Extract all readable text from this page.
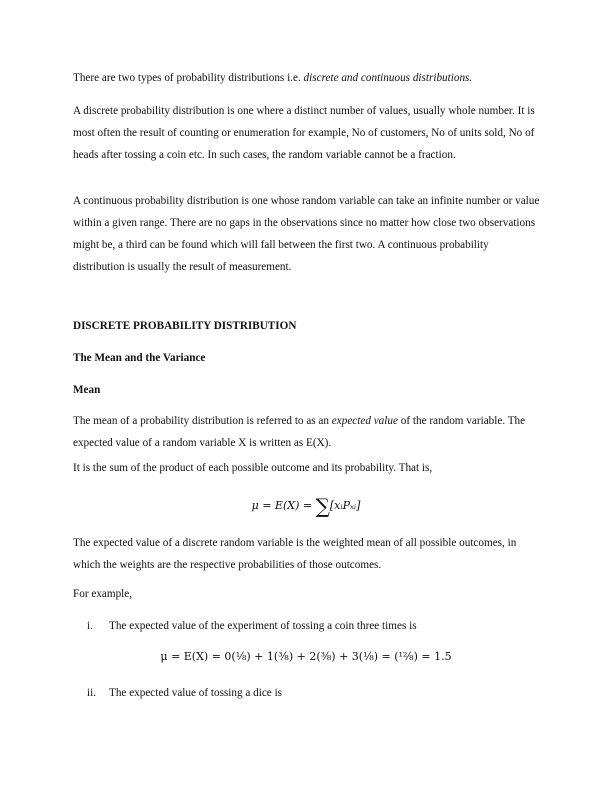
There are two types of probability distributions i.e. discrete and continuous distributions.

A discrete probability distribution is one where a distinct number of values, usually whole number. It is most often the result of counting or enumeration for example, No of customers, No of units sold, No of heads after tossing a coin etc. In such cases, the random variable cannot be a fraction.

A continuous probability distribution is one whose random variable can take an infinite number or value within a given range. There are no gaps in the observations since no matter how close two observations might be, a third can be found which will fall between the first two. A continuous probability distribution is usually the result of measurement.

DISCRETE PROBABILITY DISTRIBUTION

The Mean and the Variance

Mean

The mean of a probability distribution is referred to as an expected value of the random variable. The expected value of a random variable X is written as E(X).

It is the sum of the product of each possible outcome and its probability. That is,

μ = E(X) = ∑[xᵢPₓᵢ]

The expected value of a discrete random variable is the weighted mean of all possible outcomes, in which the weights are the respective probabilities of those outcomes.

For example,

i. The expected value of the experiment of tossing a coin three times is
μ = E(X) = 0(¹⁄₈) + 1(³⁄₈) + 2(³⁄₈) + 3(¹⁄₈) = (¹²⁄₈) = 1.5
ii. The expected value of tossing a dice is
